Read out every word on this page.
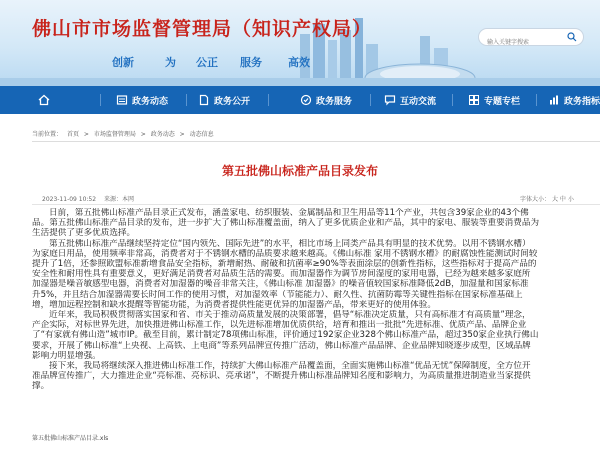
佛山市市场监督管理局（知识产权局）
创新	为 公正 服务 高效
输入关键字搜索
政务动态	政务公开	政务服务	互动交流	专题专栏	政务指标
当前位置： 首页 > 市场监督管理局 > 政务动态 > 动态信息
第五批佛山标准产品目录发布
2023-11-09 10:52 来源：本网	字体大小： 大 中 小

日前，第五批佛山标准产品目录正式发布，涵盖家电、纺织服装、金属制品和卫生用品等11个产业，共包含39家企业的43个佛

品。第五批佛山标准产品目录的发布，进一步扩大了佛山标准覆盖面，纳入了更多优质企业和产品，其中的家电、服装等重要消费品为

生活提供了更多优质选择。

第五批佛山标准产品继续坚持定位“国内领先、国际先进”的水平，相比市场上同类产品具有明显的技术优势。以用不锈钢水槽）

为家庭日用品，使用频率非常高，消费者对于不锈钢水槽的品质要求越来越高。《佛山标准 家用不锈钢水槽》的耐腐蚀性能测试时间较

提升了1倍，还参照欧盟标准新增食品安全指标，新增耐热、耐破和抗菌率≥90%等表面涂层的创新性指标，这些指标对于提高产品的

安全性和耐用性具有重要意义，更好满足消费者对品质生活的需要。而加湿器作为调节房间湿度的家用电器，已经为越来越多家庭所

加湿器是噪音敏感型电器，消费者对加湿器的噪音非常关注，《佛山标准 加湿器》的噪音值较国家标准降低2dB，加湿量和国家标准

升5%，并且结合加湿器需要长时间工作的使用习惯，对加湿效率（节能能力）、耐久性、抗菌防霉等关键性指标在国家标准基础上

增，增加远程控制和缺水提醒等智能功能，为消费者提供性能更优异的加湿器产品，带来更好的使用体验。

近年来，我局积极贯彻落实国家和省、市关于推动高质量发展的决策部署，倡导“标准决定质量，只有高标准才有高质量”理念，

产企实际，对标世界先进，加快推进佛山标准工作，以先进标准增加优质供给，培育和推出一批批“先进标准、优质产品、品牌企业

了“有家就有佛山造”城市IP。截至目前，累计制定78项佛山标准，评价通过192家企业328个佛山标准产品，超过350家企业执行佛山

要求，开展了佛山标准“上央视、上高铁、上电商”等系列品牌宣传推广活动，佛山标准产品品牌、企业品牌知晓逐步成型，区域品牌

影响力明显增强。

接下来，我局将继续深入推进佛山标准工作，持续扩大佛山标准产品覆盖面，全面实施佛山标准“优品无忧”保障制度，全方位开

准品牌宣传推广，大力推进企业“亮标准、亮标识、亮承诺”，不断提升佛山标准品牌知名度和影响力，为高质量推进制造业当家提供

撑。

第五批佛山标准产品目录.xls
